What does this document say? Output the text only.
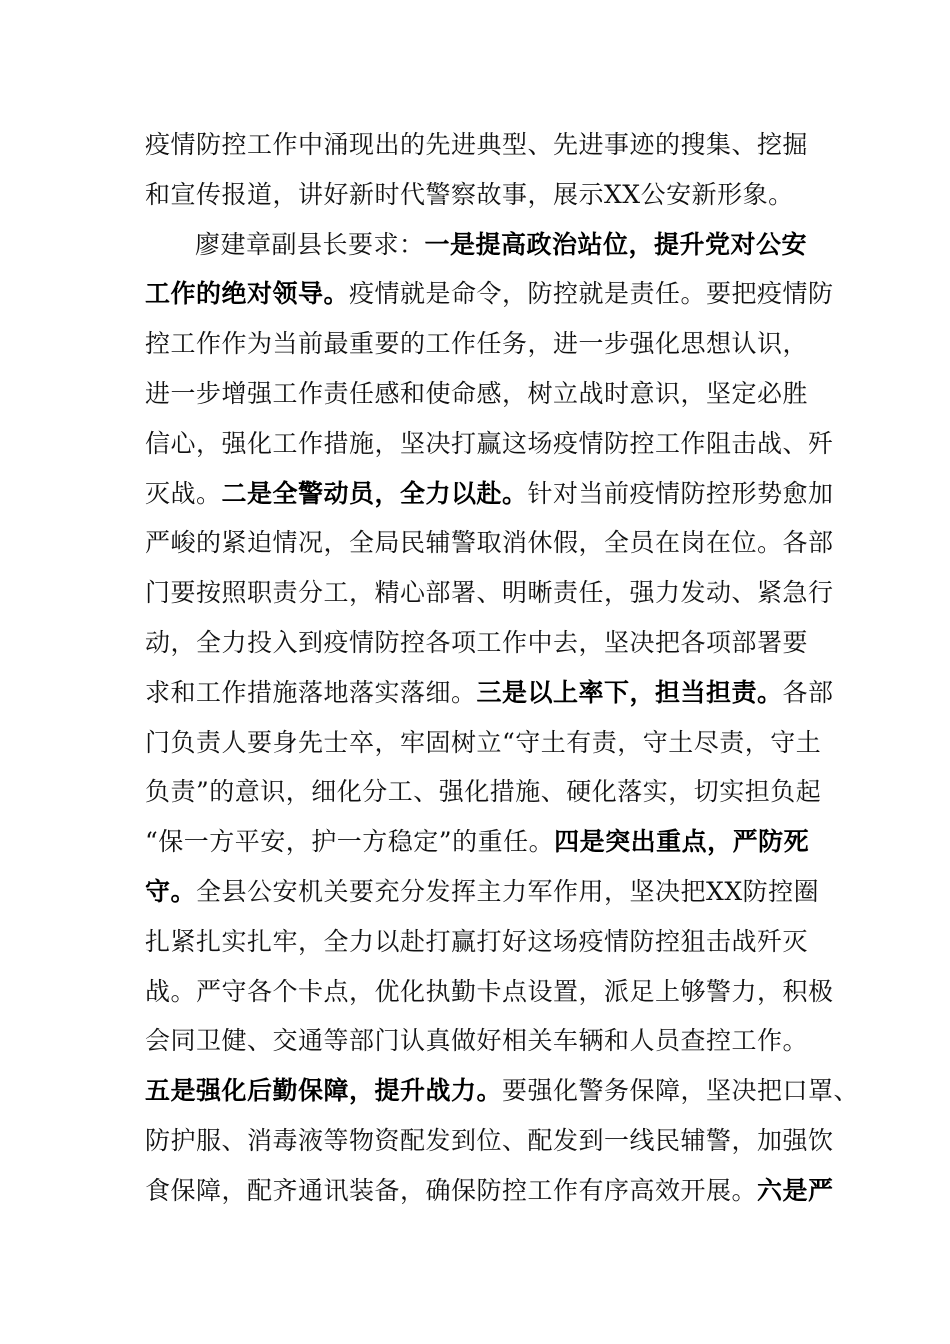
疫情防控工作中涌现出的先进典型、先进事迹的搜集、挖掘
和宣传报道，讲好新时代警察故事，展示XX公安新形象。
廖建章副县长要求：一是提高政治站位，提升党对公安
工作的绝对领导。疫情就是命令，防控就是责任。要把疫情防
控工作作为当前最重要的工作任务，进一步强化思想认识，
进一步增强工作责任感和使命感，树立战时意识，坚定必胜
信心，强化工作措施，坚决打赢这场疫情防控工作阻击战、歼
灭战。二是全警动员，全力以赴。针对当前疫情防控形势愈加
严峻的紧迫情况，全局民辅警取消休假，全员在岗在位。各部
门要按照职责分工，精心部署、明晰责任，强力发动、紧急行
动，全力投入到疫情防控各项工作中去，坚决把各项部署要
求和工作措施落地落实落细。三是以上率下，担当担责。各部
门负责人要身先士卒，牢固树立“守土有责，守土尽责，守土
负责”的意识，细化分工、强化措施、硬化落实，切实担负起
“保一方平安，护一方稳定”的重任。四是突出重点，严防死
守。全县公安机关要充分发挥主力军作用，坚决把XX防控圈
扎紧扎实扎牢，全力以赴打赢打好这场疫情防控狙击战歼灭
战。严守各个卡点，优化执勤卡点设置，派足上够警力，积极
会同卫健、交通等部门认真做好相关车辆和人员查控工作。
五是强化后勤保障，提升战力。要强化警务保障，坚决把口罩、
防护服、消毒液等物资配发到位、配发到一线民辅警，加强饮
食保障，配齐通讯装备，确保防控工作有序高效开展。六是严
